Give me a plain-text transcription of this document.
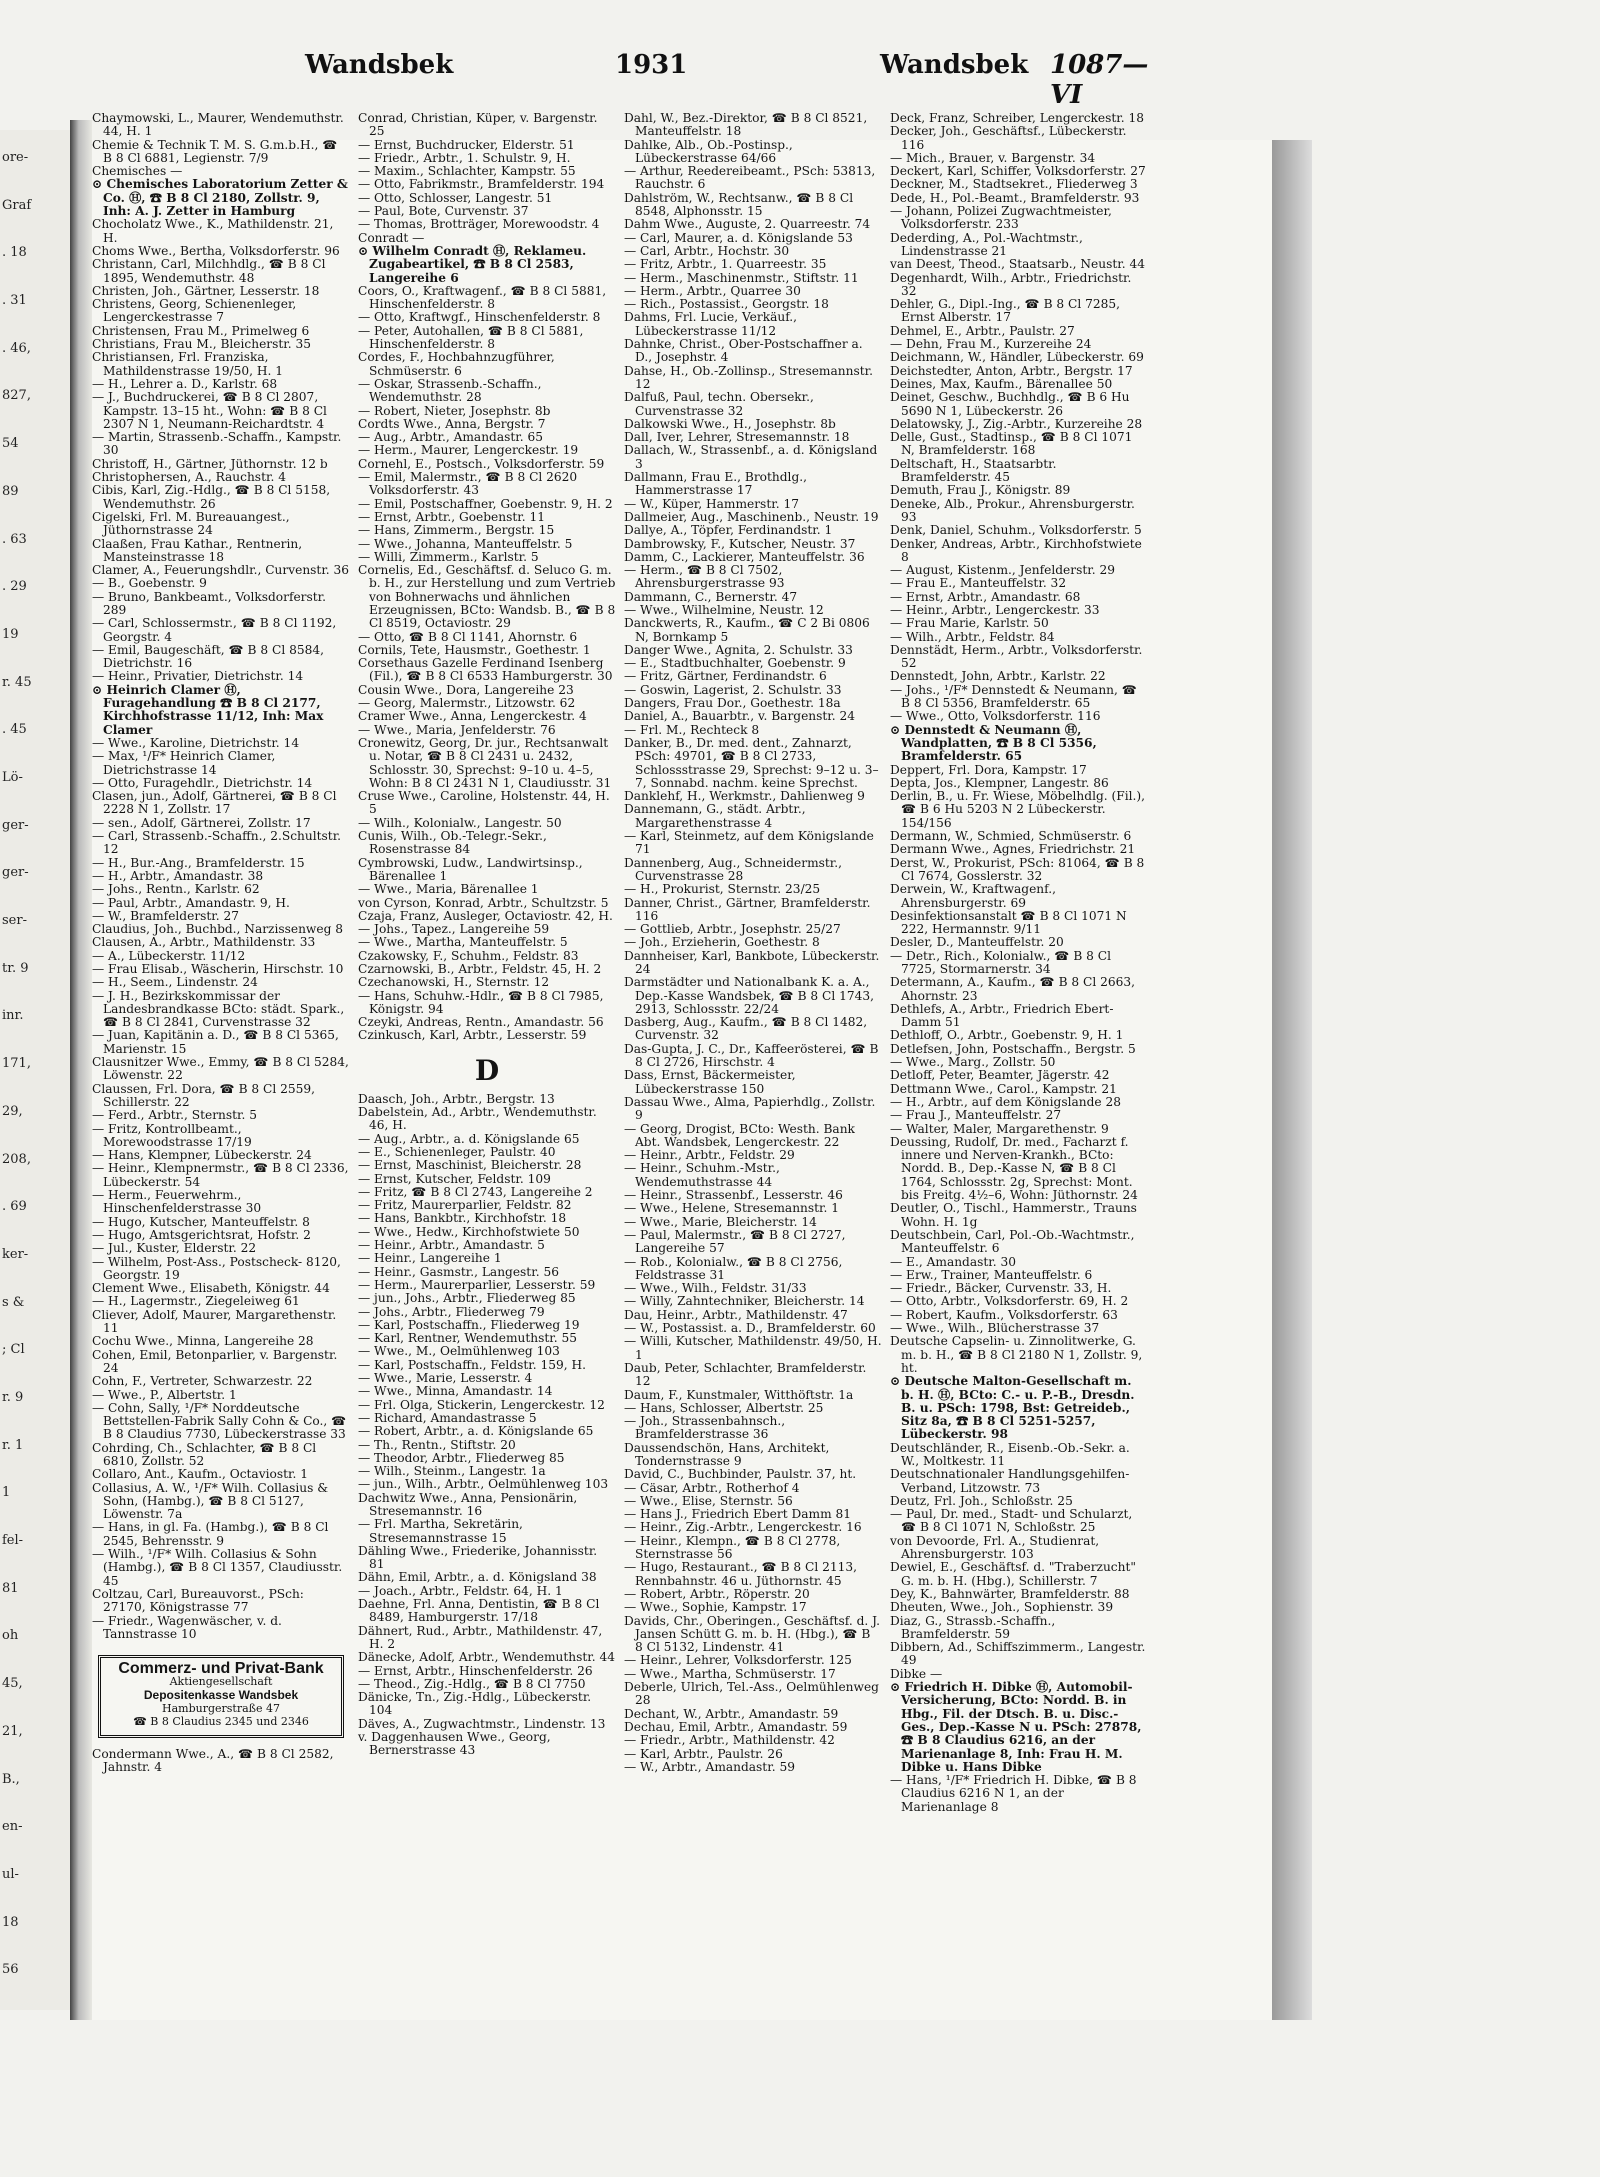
ore-
Graf
. 18
. 31
. 46,
827,
54
89
. 63
. 29
19
r. 45
. 45
Lö-
ger-
ger-
ser-
tr. 9
inr.
171,
29,
208,
. 69
ker-
s &
; Cl
r. 9
r. 1
1
fel-
81
oh
45,
21,
B.,
en-
ul-
18
56
Wandsbek	1931	Wandsbek 1087—VI

Chaymowski, L., Maurer, Wendemuthstr. 44, H. 1

Chemie & Technik T. M. S. G.m.b.H., ☎ B 8 Cl 6881, Legienstr. 7/9

Chemisches —

⊙ Chemisches Laboratorium Zetter & Co. Ⓗ, ☎ B 8 Cl 2180, Zollstr. 9, Inh: A. J. Zetter in Hamburg

Chocholatz Wwe., K., Mathildenstr. 21, H.

Choms Wwe., Bertha, Volksdorferstr. 96

Christann, Carl, Milchhdlg., ☎ B 8 Cl 1895, Wendemuthstr. 48

Christen, Joh., Gärtner, Lesserstr. 18

Christens, Georg, Schienenleger, Lengerckestrasse 7

Christensen, Frau M., Primelweg 6

Christians, Frau M., Bleicherstr. 35

Christiansen, Frl. Franziska, Mathildenstrasse 19/50, H. 1

— H., Lehrer a. D., Karlstr. 68

— J., Buchdruckerei, ☎ B 8 Cl 2807, Kampstr. 13–15 ht., Wohn: ☎ B 8 Cl 2307 N 1, Neumann-Reichardtstr. 4

— Martin, Strassenb.-Schaffn., Kampstr. 30

Christoff, H., Gärtner, Jüthornstr. 12 b

Christophersen, A., Rauchstr. 4

Cibis, Karl, Zig.-Hdlg., ☎ B 8 Cl 5158, Wendemuthstr. 26

Cigelski, Frl. M. Bureauangest., Jüthornstrasse 24

Claaßen, Frau Kathar., Rentnerin, Mansteinstrasse 18

Clamer, A., Feuerungshdlr., Curvenstr. 36

— B., Goebenstr. 9

— Bruno, Bankbeamt., Volksdorferstr. 289

— Carl, Schlossermstr., ☎ B 8 Cl 1192, Georgstr. 4

— Emil, Baugeschäft, ☎ B 8 Cl 8584, Dietrichstr. 16

— Heinr., Privatier, Dietrichstr. 14

⊙ Heinrich Clamer Ⓗ, Furagehandlung ☎ B 8 Cl 2177, Kirchhofstrasse 11/12, Inh: Max Clamer

— Wwe., Karoline, Dietrichstr. 14

— Max, ¹/F* Heinrich Clamer, Dietrichstrasse 14

— Otto, Furagehdlr., Dietrichstr. 14

Clasen, jun., Adolf, Gärtnerei, ☎ B 8 Cl 2228 N 1, Zollstr. 17

— sen., Adolf, Gärtnerei, Zollstr. 17

— Carl, Strassenb.-Schaffn., 2.Schultstr. 12

— H., Bur.-Ang., Bramfelderstr. 15

— H., Arbtr., Amandastr. 38

— Johs., Rentn., Karlstr. 62

— Paul, Arbtr., Amandastr. 9, H.

— W., Bramfelderstr. 27

Claudius, Joh., Buchbd., Narzissenweg 8

Clausen, A., Arbtr., Mathildenstr. 33

— A., Lübeckerstr. 11/12

— Frau Elisab., Wäscherin, Hirschstr. 10

— H., Seem., Lindenstr. 24

— J. H., Bezirkskommissar der Landesbrandkasse BCto: städt. Spark., ☎ B 8 Cl 2841, Curvenstrasse 32

— Juan, Kapitänin a. D., ☎ B 8 Cl 5365, Marienstr. 15

Clausnitzer Wwe., Emmy, ☎ B 8 Cl 5284, Löwenstr. 22

Claussen, Frl. Dora, ☎ B 8 Cl 2559, Schillerstr. 22

— Ferd., Arbtr., Sternstr. 5

— Fritz, Kontrollbeamt., Morewoodstrasse 17/19

— Hans, Klempner, Lübeckerstr. 24

— Heinr., Klempnermstr., ☎ B 8 Cl 2336, Lübeckerstr. 54

— Herm., Feuerwehrm., Hinschenfelderstrasse 30

— Hugo, Kutscher, Manteuffelstr. 8

— Hugo, Amtsgerichtsrat, Hofstr. 2

— Jul., Kuster, Elderstr. 22

— Wilhelm, Post-Ass., Postscheck- 8120, Georgstr. 19

Clement Wwe., Elisabeth, Königstr. 44

— H., Lagermstr., Ziegeleiweg 61

Cliever, Adolf, Maurer, Margarethenstr. 11

Cochu Wwe., Minna, Langereihe 28

Cohen, Emil, Betonparlier, v. Bargenstr. 24

Cohn, F., Vertreter, Schwarzestr. 22

— Wwe., P., Albertstr. 1

— Cohn, Sally, ¹/F* Norddeutsche Bettstellen-Fabrik Sally Cohn & Co., ☎ B 8 Claudius 7730, Lübeckerstrasse 33

Cohrding, Ch., Schlachter, ☎ B 8 Cl 6810, Zollstr. 52

Collaro, Ant., Kaufm., Octaviostr. 1

Collasius, A. W., ¹/F* Wilh. Collasius & Sohn, (Hambg.), ☎ B 8 Cl 5127, Löwenstr. 7a

— Hans, in gl. Fa. (Hambg.), ☎ B 8 Cl 2545, Behrensstr. 9

— Wilh., ¹/F* Wilh. Collasius & Sohn (Hambg.), ☎ B 8 Cl 1357, Claudiusstr. 45

Coltzau, Carl, Bureauvorst., PSch: 27170, Königstrasse 77

— Friedr., Wagenwäscher, v. d. Tannstrasse 10

Commerz- und Privat-Bank
Aktiengesellschaft
Depositenkasse Wandsbek
Hamburgerstraße 47
☎ B 8 Claudius 2345 und 2346

Condermann Wwe., A., ☎ B 8 Cl 2582, Jahnstr. 4

Conrad, Christian, Küper, v. Bargenstr. 25

— Ernst, Buchdrucker, Elderstr. 51

— Friedr., Arbtr., 1. Schulstr. 9, H.

— Maxim., Schlachter, Kampstr. 55

— Otto, Fabrikmstr., Bramfelderstr. 194

— Otto, Schlosser, Langestr. 51

— Paul, Bote, Curvenstr. 37

— Thomas, Brotträger, Morewoodstr. 4

Conradt —

⊙ Wilhelm Conradt Ⓗ, Reklameu. Zugabeartikel, ☎ B 8 Cl 2583, Langereihe 6

Coors, O., Kraftwagenf., ☎ B 8 Cl 5881, Hinschenfelderstr. 8

— Otto, Kraftwgf., Hinschenfelderstr. 8

— Peter, Autohallen, ☎ B 8 Cl 5881, Hinschenfelderstr. 8

Cordes, F., Hochbahnzugführer, Schmüserstr. 6

— Oskar, Strassenb.-Schaffn., Wendemuthstr. 28

— Robert, Nieter, Josephstr. 8b

Cordts Wwe., Anna, Bergstr. 7

— Aug., Arbtr., Amandastr. 65

— Herm., Maurer, Lengerckestr. 19

Cornehl, E., Postsch., Volksdorferstr. 59

— Emil, Malermstr., ☎ B 8 Cl 2620 Volksdorferstr. 43

— Emil, Postschaffner, Goebenstr. 9, H. 2

— Ernst, Arbtr., Goebenstr. 11

— Hans, Zimmerm., Bergstr. 15

— Wwe., Johanna, Manteuffelstr. 5

— Willi, Zimmerm., Karlstr. 5

Cornelis, Ed., Geschäftsf. d. Seluco G. m. b. H., zur Herstellung und zum Vertrieb von Bohnerwachs und ähnlichen Erzeugnissen, BCto: Wandsb. B., ☎ B 8 Cl 8519, Octaviostr. 29

— Otto, ☎ B 8 Cl 1141, Ahornstr. 6

Cornils, Tete, Hausmstr., Goethestr. 1

Corsethaus Gazelle Ferdinand Isenberg (Fil.), ☎ B 8 Cl 6533 Hamburgerstr. 30

Cousin Wwe., Dora, Langereihe 23

— Georg, Malermstr., Litzowstr. 62

Cramer Wwe., Anna, Lengerckestr. 4

— Wwe., Maria, Jenfelderstr. 76

Cronewitz, Georg, Dr. jur., Rechtsanwalt u. Notar, ☎ B 8 Cl 2431 u. 2432, Schlosstr. 30, Sprechst: 9–10 u. 4–5, Wohn: B 8 Cl 2431 N 1, Claudiusstr. 31

Cruse Wwe., Caroline, Holstenstr. 44, H. 5

— Wilh., Kolonialw., Langestr. 50

Cunis, Wilh., Ob.-Telegr.-Sekr., Rosenstrasse 84

Cymbrowski, Ludw., Landwirtsinsp., Bärenallee 1

— Wwe., Maria, Bärenallee 1

von Cyrson, Konrad, Arbtr., Schultzstr. 5

Czaja, Franz, Ausleger, Octaviostr. 42, H.

— Johs., Tapez., Langereihe 59

— Wwe., Martha, Manteuffelstr. 5

Czakowsky, F., Schuhm., Feldstr. 83

Czarnowski, B., Arbtr., Feldstr. 45, H. 2

Czechanowski, H., Sternstr. 12

— Hans, Schuhw.-Hdlr., ☎ B 8 Cl 7985, Königstr. 94

Czeyki, Andreas, Rentn., Amandastr. 56

Czinkusch, Karl, Arbtr., Lesserstr. 59

D

Daasch, Joh., Arbtr., Bergstr. 13

Dabelstein, Ad., Arbtr., Wendemuthstr. 46, H.

— Aug., Arbtr., a. d. Königslande 65

— E., Schienenleger, Paulstr. 40

— Ernst, Maschinist, Bleicherstr. 28

— Ernst, Kutscher, Feldstr. 109

— Fritz, ☎ B 8 Cl 2743, Langereihe 2

— Fritz, Maurerparlier, Feldstr. 82

— Hans, Bankbtr., Kirchhofstr. 18

— Wwe., Hedw., Kirchhofstwiete 50

— Heinr., Arbtr., Amandastr. 5

— Heinr., Langereihe 1

— Heinr., Gasmstr., Langestr. 56

— Herm., Maurerparlier, Lesserstr. 59

— jun., Johs., Arbtr., Fliederweg 85

— Johs., Arbtr., Fliederweg 79

— Karl, Postschaffn., Fliederweg 19

— Karl, Rentner, Wendemuthstr. 55

— Wwe., M., Oelmühlenweg 103

— Karl, Postschaffn., Feldstr. 159, H.

— Wwe., Marie, Lesserstr. 4

— Wwe., Minna, Amandastr. 14

— Frl. Olga, Stickerin, Lengerckestr. 12

— Richard, Amandastrasse 5

— Robert, Arbtr., a. d. Königslande 65

— Th., Rentn., Stiftstr. 20

— Theodor, Arbtr., Fliederweg 85

— Wilh., Steinm., Langestr. 1a

— jun., Wilh., Arbtr., Oelmühlenweg 103

Dachwitz Wwe., Anna, Pensionärin, Stresemannstr. 16

— Frl. Martha, Sekretärin, Stresemannstrasse 15

Dähling Wwe., Friederike, Johannisstr. 81

Dähn, Emil, Arbtr., a. d. Königsland 38

— Joach., Arbtr., Feldstr. 64, H. 1

Daehne, Frl. Anna, Dentistin, ☎ B 8 Cl 8489, Hamburgerstr. 17/18

Dähnert, Rud., Arbtr., Mathildenstr. 47, H. 2

Dänecke, Adolf, Arbtr., Wendemuthstr. 44

— Ernst, Arbtr., Hinschenfelderstr. 26

— Theod., Zig.-Hdlg., ☎ B 8 Cl 7750

Dänicke, Tn., Zig.-Hdlg., Lübeckerstr. 104

Däves, A., Zugwachtmstr., Lindenstr. 13

v. Daggenhausen Wwe., Georg, Bernerstrasse 43

Dahl, W., Bez.-Direktor, ☎ B 8 Cl 8521, Manteuffelstr. 18

Dahlke, Alb., Ob.-Postinsp., Lübeckerstrasse 64/66

— Arthur, Reedereibeamt., PSch: 53813, Rauchstr. 6

Dahlström, W., Rechtsanw., ☎ B 8 Cl 8548, Alphonsstr. 15

Dahm Wwe., Auguste, 2. Quarreestr. 74

— Carl, Maurer, a. d. Königslande 53

— Carl, Arbtr., Hochstr. 30

— Fritz, Arbtr., 1. Quarreestr. 35

— Herm., Maschinenmstr., Stiftstr. 11

— Herm., Arbtr., Quarree 30

— Rich., Postassist., Georgstr. 18

Dahms, Frl. Lucie, Verkäuf., Lübeckerstrasse 11/12

Dahnke, Christ., Ober-Postschaffner a. D., Josephstr. 4

Dahse, H., Ob.-Zollinsp., Stresemannstr. 12

Dalfuß, Paul, techn. Obersekr., Curvenstrasse 32

Dalkowski Wwe., H., Josephstr. 8b

Dall, Iver, Lehrer, Stresemannstr. 18

Dallach, W., Strassenbf., a. d. Königsland 3

Dallmann, Frau E., Brothdlg., Hammerstrasse 17

— W., Küper, Hammerstr. 17

Dallmeier, Aug., Maschinenb., Neustr. 19

Dallye, A., Töpfer, Ferdinandstr. 1

Dambrowsky, F., Kutscher, Neustr. 37

Damm, C., Lackierer, Manteuffelstr. 36

— Herm., ☎ B 8 Cl 7502, Ahrensburgerstrasse 93

Dammann, C., Bernerstr. 47

— Wwe., Wilhelmine, Neustr. 12

Danckwerts, R., Kaufm., ☎ C 2 Bi 0806 N, Bornkamp 5

Danger Wwe., Agnita, 2. Schulstr. 33

— E., Stadtbuchhalter, Goebenstr. 9

— Fritz, Gärtner, Ferdinandstr. 6

— Goswin, Lagerist, 2. Schulstr. 33

Dangers, Frau Dor., Goethestr. 18a

Daniel, A., Bauarbtr., v. Bargenstr. 24

— Frl. M., Rechteck 8

Danker, B., Dr. med. dent., Zahnarzt, PSch: 49701, ☎ B 8 Cl 2733, Schlossstrasse 29, Sprechst: 9–12 u. 3–7, Sonnabd. nachm. keine Sprechst.

Danklehf, H., Werkmstr., Dahlienweg 9

Dannemann, G., städt. Arbtr., Margarethenstrasse 4

— Karl, Steinmetz, auf dem Königslande 71

Dannenberg, Aug., Schneidermstr., Curvenstrasse 28

— H., Prokurist, Sternstr. 23/25

Danner, Christ., Gärtner, Bramfelderstr. 116

— Gottlieb, Arbtr., Josephstr. 25/27

— Joh., Erzieherin, Goethestr. 8

Dannheiser, Karl, Bankbote, Lübeckerstr. 24

Darmstädter und Nationalbank K. a. A., Dep.-Kasse Wandsbek, ☎ B 8 Cl 1743, 2913, Schlossstr. 22/24

Dasberg, Aug., Kaufm., ☎ B 8 Cl 1482, Curvenstr. 32

Das-Gupta, J. C., Dr., Kaffeerösterei, ☎ B 8 Cl 2726, Hirschstr. 4

Dass, Ernst, Bäckermeister, Lübeckerstrasse 150

Dassau Wwe., Alma, Papierhdlg., Zollstr. 9

— Georg, Drogist, BCto: Westh. Bank Abt. Wandsbek, Lengerckestr. 22

— Heinr., Arbtr., Feldstr. 29

— Heinr., Schuhm.-Mstr., Wendemuthstrasse 44

— Heinr., Strassenbf., Lesserstr. 46

— Wwe., Helene, Stresemannstr. 1

— Wwe., Marie, Bleicherstr. 14

— Paul, Malermstr., ☎ B 8 Cl 2727, Langereihe 57

— Rob., Kolonialw., ☎ B 8 Cl 2756, Feldstrasse 31

— Wwe., Wilh., Feldstr. 31/33

— Willy, Zahntechniker, Bleicherstr. 14

Dau, Heinr., Arbtr., Mathildenstr. 47

— W., Postassist. a. D., Bramfelderstr. 60

— Willi, Kutscher, Mathildenstr. 49/50, H. 1

Daub, Peter, Schlachter, Bramfelderstr. 12

Daum, F., Kunstmaler, Witthöftstr. 1a

— Hans, Schlosser, Albertstr. 25

— Joh., Strassenbahnsch., Bramfelderstrasse 36

Daussendschön, Hans, Architekt, Tondernstrasse 9

David, C., Buchbinder, Paulstr. 37, ht.

— Cäsar, Arbtr., Rotherhof 4

— Wwe., Elise, Sternstr. 56

— Hans J., Friedrich Ebert Damm 81

— Heinr., Zig.-Arbtr., Lengerckestr. 16

— Heinr., Klempn., ☎ B 8 Cl 2778, Sternstrasse 56

— Hugo, Restaurant., ☎ B 8 Cl 2113, Rennbahnstr. 46 u. Jüthornstr. 45

— Robert, Arbtr., Röperstr. 20

— Wwe., Sophie, Kampstr. 17

Davids, Chr., Oberingen., Geschäftsf. d. J. Jansen Schütt G. m. b. H. (Hbg.), ☎ B 8 Cl 5132, Lindenstr. 41

— Heinr., Lehrer, Volksdorferstr. 125

— Wwe., Martha, Schmüserstr. 17

Deberle, Ulrich, Tel.-Ass., Oelmühlenweg 28

Dechant, W., Arbtr., Amandastr. 59

Dechau, Emil, Arbtr., Amandastr. 59

— Friedr., Arbtr., Mathildenstr. 42

— Karl, Arbtr., Paulstr. 26

— W., Arbtr., Amandastr. 59

Deck, Franz, Schreiber, Lengerckestr. 18

Decker, Joh., Geschäftsf., Lübeckerstr. 116

— Mich., Brauer, v. Bargenstr. 34

Deckert, Karl, Schiffer, Volksdorferstr. 27

Deckner, M., Stadtsekret., Fliederweg 3

Dede, H., Pol.-Beamt., Bramfelderstr. 93

— Johann, Polizei Zugwachtmeister, Volksdorferstr. 233

Dederding, A., Pol.-Wachtmstr., Lindenstrasse 21

van Deest, Theod., Staatsarb., Neustr. 44

Degenhardt, Wilh., Arbtr., Friedrichstr. 32

Dehler, G., Dipl.-Ing., ☎ B 8 Cl 7285, Ernst Alberstr. 17

Dehmel, E., Arbtr., Paulstr. 27

— Dehn, Frau M., Kurzereihe 24

Deichmann, W., Händler, Lübeckerstr. 69

Deichstedter, Anton, Arbtr., Bergstr. 17

Deines, Max, Kaufm., Bärenallee 50

Deinet, Geschw., Buchhdlg., ☎ B 6 Hu 5690 N 1, Lübeckerstr. 26

Delatowsky, J., Zig.-Arbtr., Kurzereihe 28

Delle, Gust., Stadtinsp., ☎ B 8 Cl 1071 N, Bramfelderstr. 168

Deltschaft, H., Staatsarbtr. Bramfelderstr. 45

Demuth, Frau J., Königstr. 89

Deneke, Alb., Prokur., Ahrensburgerstr. 93

Denk, Daniel, Schuhm., Volksdorferstr. 5

Denker, Andreas, Arbtr., Kirchhofstwiete 8

— August, Kistenm., Jenfelderstr. 29

— Frau E., Manteuffelstr. 32

— Ernst, Arbtr., Amandastr. 68

— Heinr., Arbtr., Lengerckestr. 33

— Frau Marie, Karlstr. 50

— Wilh., Arbtr., Feldstr. 84

Dennstädt, Herm., Arbtr., Volksdorferstr. 52

Dennstedt, John, Arbtr., Karlstr. 22

— Johs., ¹/F* Dennstedt & Neumann, ☎ B 8 Cl 5356, Bramfelderstr. 65

— Wwe., Otto, Volksdorferstr. 116

⊙ Dennstedt & Neumann Ⓗ, Wandplatten, ☎ B 8 Cl 5356, Bramfelderstr. 65

Deppert, Frl. Dora, Kampstr. 17

Depta, Jos., Klempner, Langestr. 86

Derlin, B., u. Fr. Wiese, Möbelhdlg. (Fil.), ☎ B 6 Hu 5203 N 2 Lübeckerstr. 154/156

Dermann, W., Schmied, Schmüserstr. 6

Dermann Wwe., Agnes, Friedrichstr. 21

Derst, W., Prokurist, PSch: 81064, ☎ B 8 Cl 7674, Gosslerstr. 32

Derwein, W., Kraftwagenf., Ahrensburgerstr. 69

Desinfektionsanstalt ☎ B 8 Cl 1071 N 222, Hermannstr. 9/11

Desler, D., Manteuffelstr. 20

— Detr., Rich., Kolonialw., ☎ B 8 Cl 7725, Stormarnerstr. 34

Determann, A., Kaufm., ☎ B 8 Cl 2663, Ahornstr. 23

Dethlefs, A., Arbtr., Friedrich Ebert-Damm 51

Dethloff, O., Arbtr., Goebenstr. 9, H. 1

Detlefsen, John, Postschaffn., Bergstr. 5

— Wwe., Marg., Zollstr. 50

Detloff, Peter, Beamter, Jägerstr. 42

Dettmann Wwe., Carol., Kampstr. 21

— H., Arbtr., auf dem Königslande 28

— Frau J., Manteuffelstr. 27

— Walter, Maler, Margarethenstr. 9

Deussing, Rudolf, Dr. med., Facharzt f. innere und Nerven-Krankh., BCto: Nordd. B., Dep.-Kasse N, ☎ B 8 Cl 1764, Schlossstr. 2g, Sprechst: Mont. bis Freitg. 4½–6, Wohn: Jüthornstr. 24

Deutler, O., Tischl., Hammerstr., Trauns Wohn. H. 1g

Deutschbein, Carl, Pol.-Ob.-Wachtmstr., Manteuffelstr. 6

— E., Amandastr. 30

— Erw., Trainer, Manteuffelstr. 6

— Friedr., Bäcker, Curvenstr. 33, H.

— Otto, Arbtr., Volksdorferstr. 69, H. 2

— Robert, Kaufm., Volksdorferstr. 63

— Wwe., Wilh., Blücherstrasse 37

Deutsche Capselin- u. Zinnolitwerke, G. m. b. H., ☎ B 8 Cl 2180 N 1, Zollstr. 9, ht.

⊙ Deutsche Malton-Gesellschaft m. b. H. Ⓗ, BCto: C.- u. P.-B., Dresdn. B. u. PSch: 1798, Bst: Getreideb., Sitz 8a, ☎ B 8 Cl 5251-5257, Lübeckerstr. 98

Deutschländer, R., Eisenb.-Ob.-Sekr. a. W., Moltkestr. 11

Deutschnationaler Handlungsgehilfen-Verband, Litzowstr. 73

Deutz, Frl. Joh., Schloßstr. 25

— Paul, Dr. med., Stadt- und Schularzt, ☎ B 8 Cl 1071 N, Schloßstr. 25

von Devoorde, Frl. A., Studienrat, Ahrensburgerstr. 103

Dewiel, E., Geschäftsf. d. "Traberzucht" G. m. b. H. (Hbg.), Schillerstr. 7

Dey, K., Bahnwärter, Bramfelderstr. 88

Dheuten, Wwe., Joh., Sophienstr. 39

Diaz, G., Strassb.-Schaffn., Bramfelderstr. 59

Dibbern, Ad., Schiffszimmerm., Langestr. 49

Dibke —

⊙ Friedrich H. Dibke Ⓗ, Automobil-Versicherung, BCto: Nordd. B. in Hbg., Fil. der Dtsch. B. u. Disc.-Ges., Dep.-Kasse N u. PSch: 27878, ☎ B 8 Claudius 6216, an der Marienanlage 8, Inh: Frau H. M. Dibke u. Hans Dibke

— Hans, ¹/F* Friedrich H. Dibke, ☎ B 8 Claudius 6216 N 1, an der Marienanlage 8
